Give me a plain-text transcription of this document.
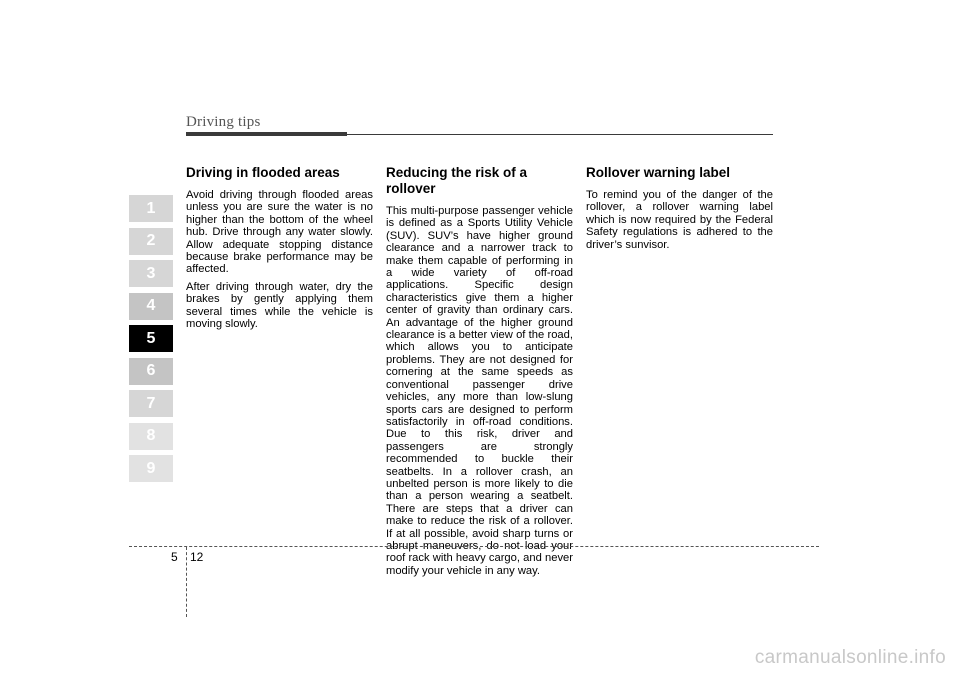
Driving tips
1
2
3
4
5
6
7
8
9
Driving in flooded areas

Avoid driving through flooded areas unless you are sure the water is no higher than the bottom of the wheel hub. Drive through any water slowly. Allow adequate stopping distance because brake performance may be affected.

After driving through water, dry the brakes by gently applying them several times while the vehicle is moving slowly.

Reducing the risk of a rollover

This multi-purpose passenger vehicle is defined as a Sports Utility Vehicle (SUV). SUV’s have higher ground clearance and a narrower track to make them capable of performing in a wide variety of off-road applications. Specific design characteristics give them a higher center of gravity than ordinary cars. An advantage of the higher ground clearance is a better view of the road, which allows you to anticipate problems. They are not designed for cornering at the same speeds as conventional passenger drive vehicles, any more than low-slung sports cars are designed to perform satisfactorily in off-road conditions. Due to this risk, driver and passengers are strongly recommended to buckle their seatbelts. In a rollover crash, an unbelted person is more likely to die than a person wearing a seatbelt. There are steps that a driver can make to reduce the risk of a rollover. If at all possible, avoid sharp turns or abrupt maneuvers, do not load your roof rack with heavy cargo, and never modify your vehicle in any way.

Rollover warning label

To remind you of the danger of the rollover, a rollover warning label which is now required by the Federal Safety regulations is adhered to the driver’s sunvisor.

5 12
carmanualsonline.info
